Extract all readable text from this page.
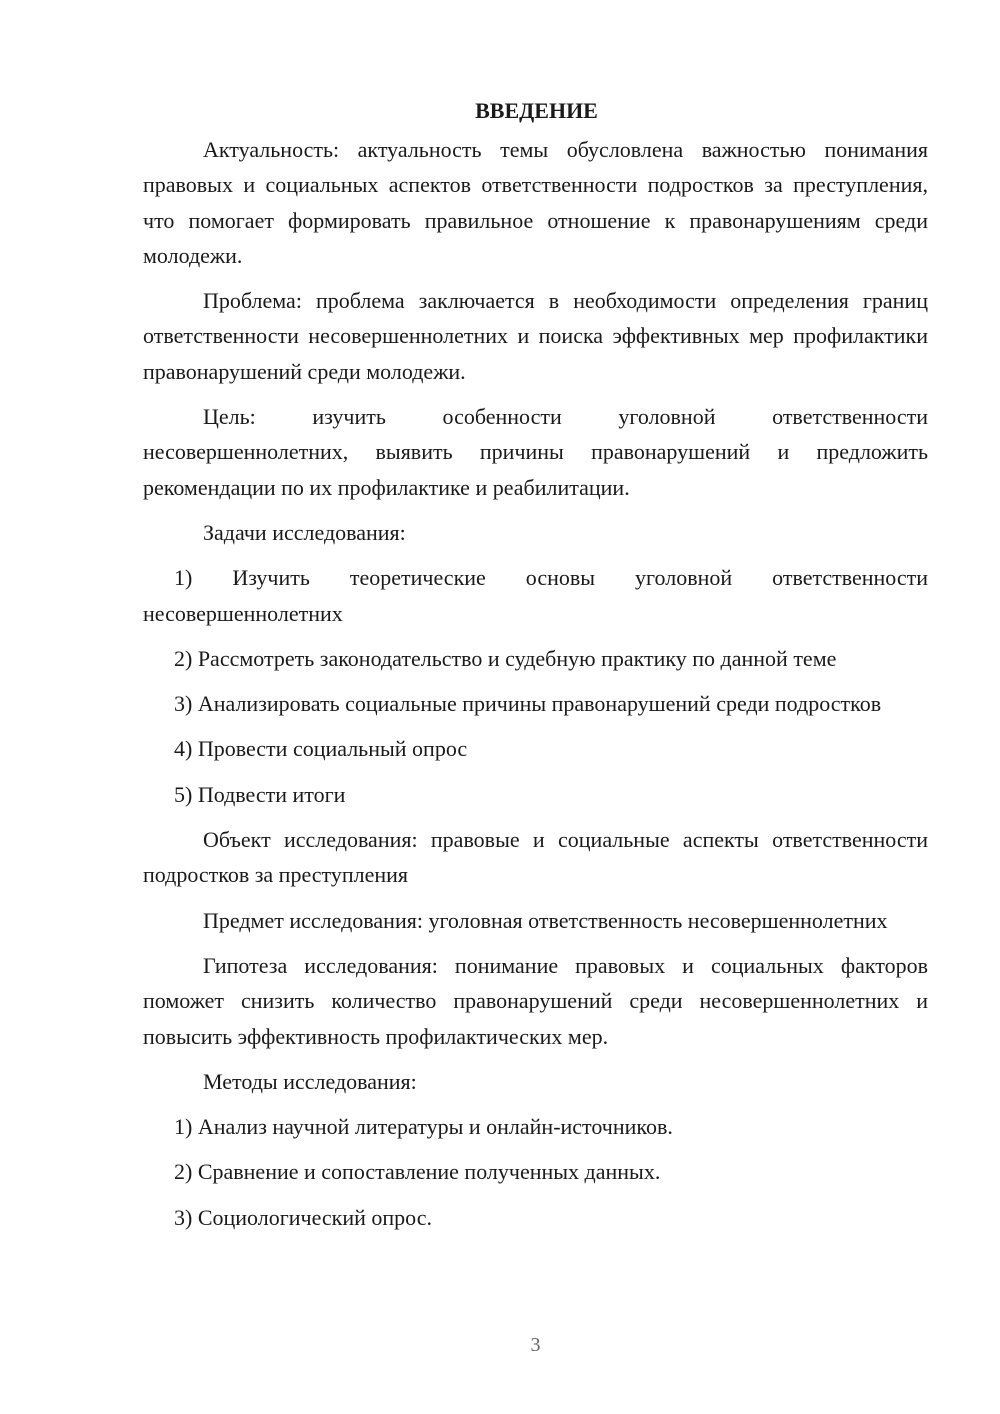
ВВЕДЕНИЕ

Актуальность: актуальность темы обусловлена важностью понимания правовых и социальных аспектов ответственности подростков за преступления, что помогает формировать правильное отношение к правонарушениям среди молодежи.

Проблема: проблема заключается в необходимости определения границ ответственности несовершеннолетних и поиска эффективных мер профилактики правонарушений среди молодежи.

Цель: изучить особенности уголовной ответственности несовершеннолетних, выявить причины правонарушений и предложить рекомендации по их профилактике и реабилитации.

Задачи исследования:

1) Изучить теоретические основы уголовной ответственности несовершеннолетних

2) Рассмотреть законодательство и судебную практику по данной теме

3) Анализировать социальные причины правонарушений среди подростков

4) Провести социальный опрос

5) Подвести итоги

Объект исследования: правовые и социальные аспекты ответственности подростков за преступления

Предмет исследования: уголовная ответственность несовершеннолетних

Гипотеза исследования: понимание правовых и социальных факторов поможет снизить количество правонарушений среди несовершеннолетних и повысить эффективность профилактических мер.

Методы исследования:

1) Анализ научной литературы и онлайн-источников.

2) Сравнение и сопоставление полученных данных.

3) Социологический опрос.

3
